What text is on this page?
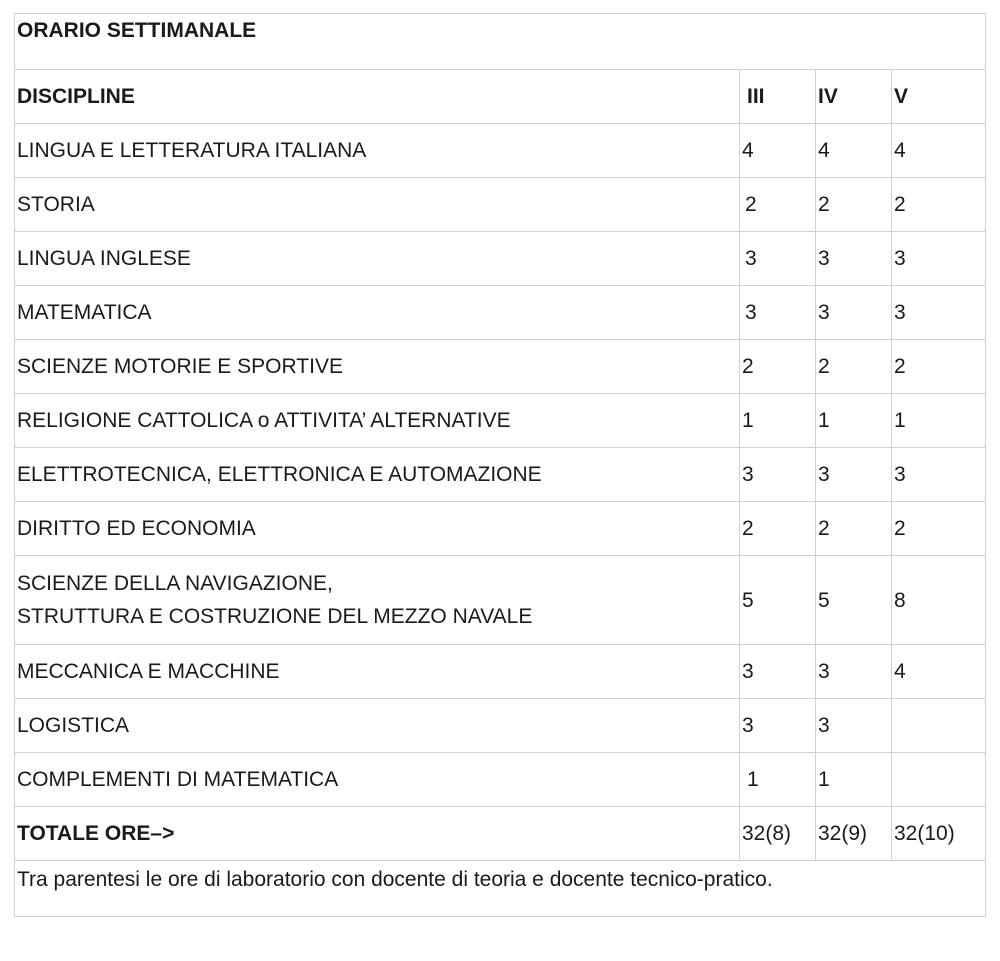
ORARIO SETTIMANALE			
DISCIPLINE	III	IV	V
LINGUA E LETTERATURA ITALIANA	4	4	4
STORIA	2	2	2
LINGUA INGLESE	3	3	3
MATEMATICA	3	3	3
SCIENZE MOTORIE E SPORTIVE	2	2	2
RELIGIONE CATTOLICA o ATTIVITA’ ALTERNATIVE	1	1	1
ELETTROTECNICA, ELETTRONICA E AUTOMAZIONE	3	3	3
DIRITTO ED ECONOMIA	2	2	2

SCIENZE DELLA NAVIGAZIONE,
STRUTTURA E COSTRUZIONE DEL MEZZO NAVALE	5	5	8
MECCANICA E MACCHINE	3	3	4
LOGISTICA	3	3	
COMPLEMENTI DI MATEMATICA	1	1	
TOTALE ORE–>	32(8)	32(9)	32(10)
Tra parentesi le ore di laboratorio con docente di teoria e docente tecnico-pratico.			
